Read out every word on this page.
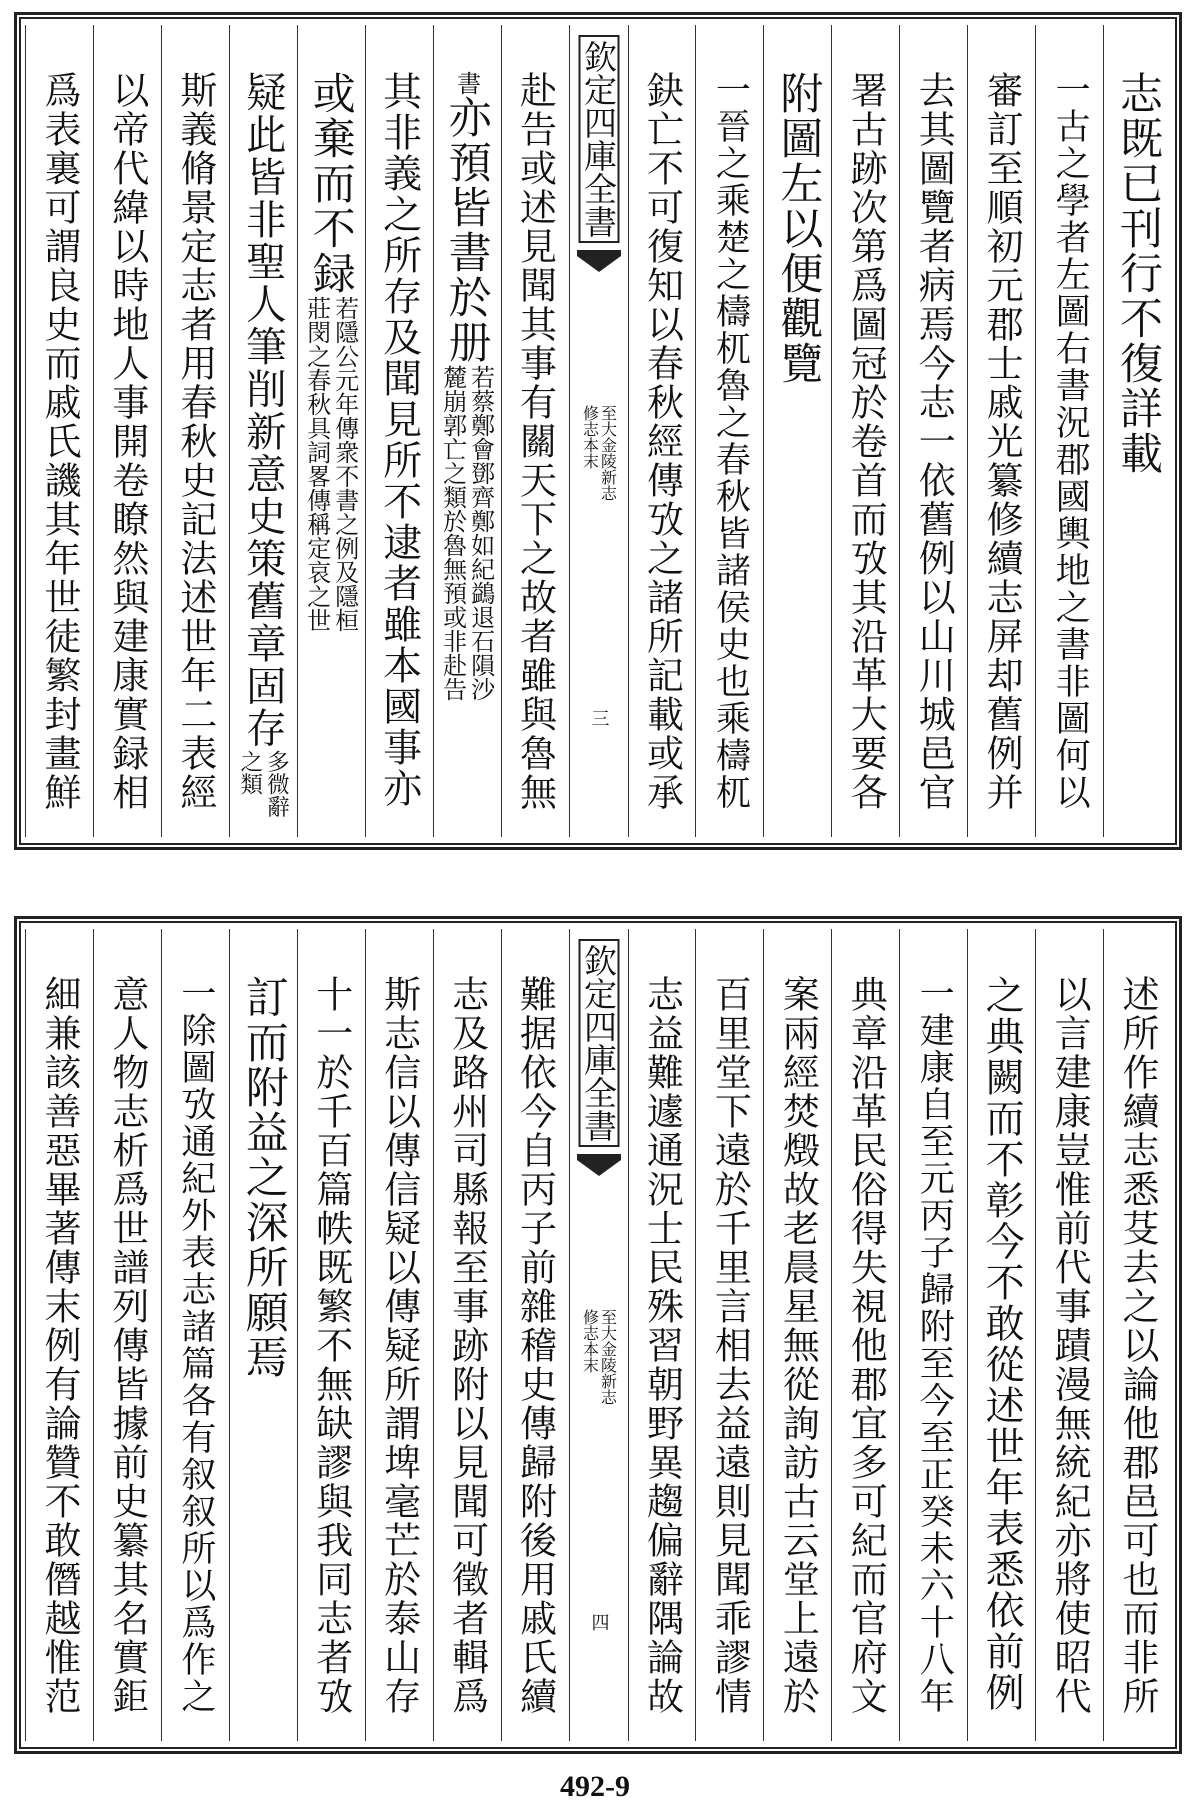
志既已刊行不復詳載
一古之學者左圖右書況郡國輿地之書非圖何以
審訂至順初元郡士戚光纂修續志屏却舊例并
去其圖覽者病焉今志一依舊例以山川城邑官
署古跡次第爲圖冠於卷首而攷其沿革大要各
附圖左以便觀覽
一晉之乘楚之檮杌魯之春秋皆諸侯史也乘檮杌
鈌亡不可復知以春秋經傳攷之諸所記載或承
欽定四庫全書
至大金陵新志
修志本末
三
赴告或述見聞其事有關天下之故者雖與魯無
書亦預皆書於册
若蔡鄭會鄧齊鄭如紀鷁退石隕沙
麓崩郭亡之類於魯無預或非赴告
其非義之所存及聞見所不逮者雖本國事亦
或棄而不録
若隱公元年傳衆不書之例及隱桓
莊閔之春秋具詞畧傳稱定哀之世
疑此皆非聖人筆削新意史策舊章固存
多微辭
之類
斯義脩景定志者用春秋史記法述世年二表經
以帝代緯以時地人事開卷瞭然與建康實録相
爲表裏可謂良史而戚氏譏其年世徒繁封畫鮮
述所作續志悉芟去之以論他郡邑可也而非所
以言建康豈惟前代事蹟漫無統紀亦將使昭代
之典闕而不彰今不敢從述世年表悉依前例
一建康自至元丙子歸附至今至正癸未六十八年
典章沿革民俗得失視他郡宜多可紀而官府文
案兩經焚燬故老晨星無從詢訪古云堂上遠於
百里堂下遠於千里言相去益遠則見聞乖謬情
志益難遽通況士民殊習朝野異趨偏辭隅論故
欽定四庫全書
至大金陵新志
修志本末
四
難据依今自丙子前雜稽史傳歸附後用戚氏續
志及路州司縣報至事跡附以見聞可徵者輯爲
斯志信以傳信疑以傳疑所謂埤毫芒於泰山存
十一於千百篇帙既繁不無缺謬與我同志者攷
訂而附益之深所願焉
一除圖攷通紀外表志諸篇各有叙叙所以爲作之
意人物志析爲世譜列傳皆據前史纂其名實鉅
細兼該善惡畢著傳末例有論贊不敢僭越惟范
492-9
